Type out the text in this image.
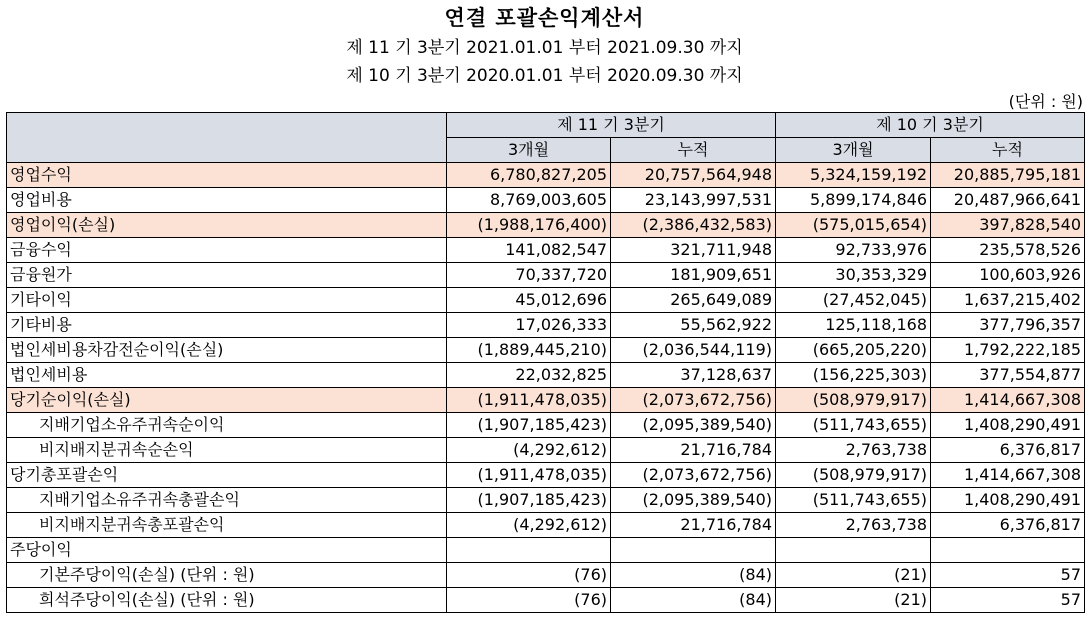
연결 포괄손익계산서
제 11 기 3분기 2021.01.01 부터 2021.09.30 까지
제 10 기 3분기 2020.01.01 부터 2020.09.30 까지
(단위 : 원)
	제 11 기 3분기		제 10 기 3분기	
	3개월	누적	3개월	누적
영업수익	6,780,827,205	20,757,564,948	5,324,159,192	20,885,795,181
영업비용	8,769,003,605	23,143,997,531	5,899,174,846	20,487,966,641
영업이익(손실)	(1,988,176,400)	(2,386,432,583)	(575,015,654)	397,828,540
금융수익	141,082,547	321,711,948	92,733,976	235,578,526
금융원가	70,337,720	181,909,651	30,353,329	100,603,926
기타이익	45,012,696	265,649,089	(27,452,045)	1,637,215,402
기타비용	17,026,333	55,562,922	125,118,168	377,796,357
법인세비용차감전순이익(손실)	(1,889,445,210)	(2,036,544,119)	(665,205,220)	1,792,222,185
법인세비용	22,032,825	37,128,637	(156,225,303)	377,554,877
당기순이익(손실)	(1,911,478,035)	(2,073,672,756)	(508,979,917)	1,414,667,308
지배기업소유주귀속순이익	(1,907,185,423)	(2,095,389,540)	(511,743,655)	1,408,290,491
비지배지분귀속순손익	(4,292,612)	21,716,784	2,763,738	6,376,817
당기총포괄손익	(1,911,478,035)	(2,073,672,756)	(508,979,917)	1,414,667,308
지배기업소유주귀속총괄손익	(1,907,185,423)	(2,095,389,540)	(511,743,655)	1,408,290,491
비지배지분귀속총포괄손익	(4,292,612)	21,716,784	2,763,738	6,376,817
주당이익				
기본주당이익(손실) (단위 : 원)	(76)	(84)	(21)	57
희석주당이익(손실) (단위 : 원)	(76)	(84)	(21)	57
